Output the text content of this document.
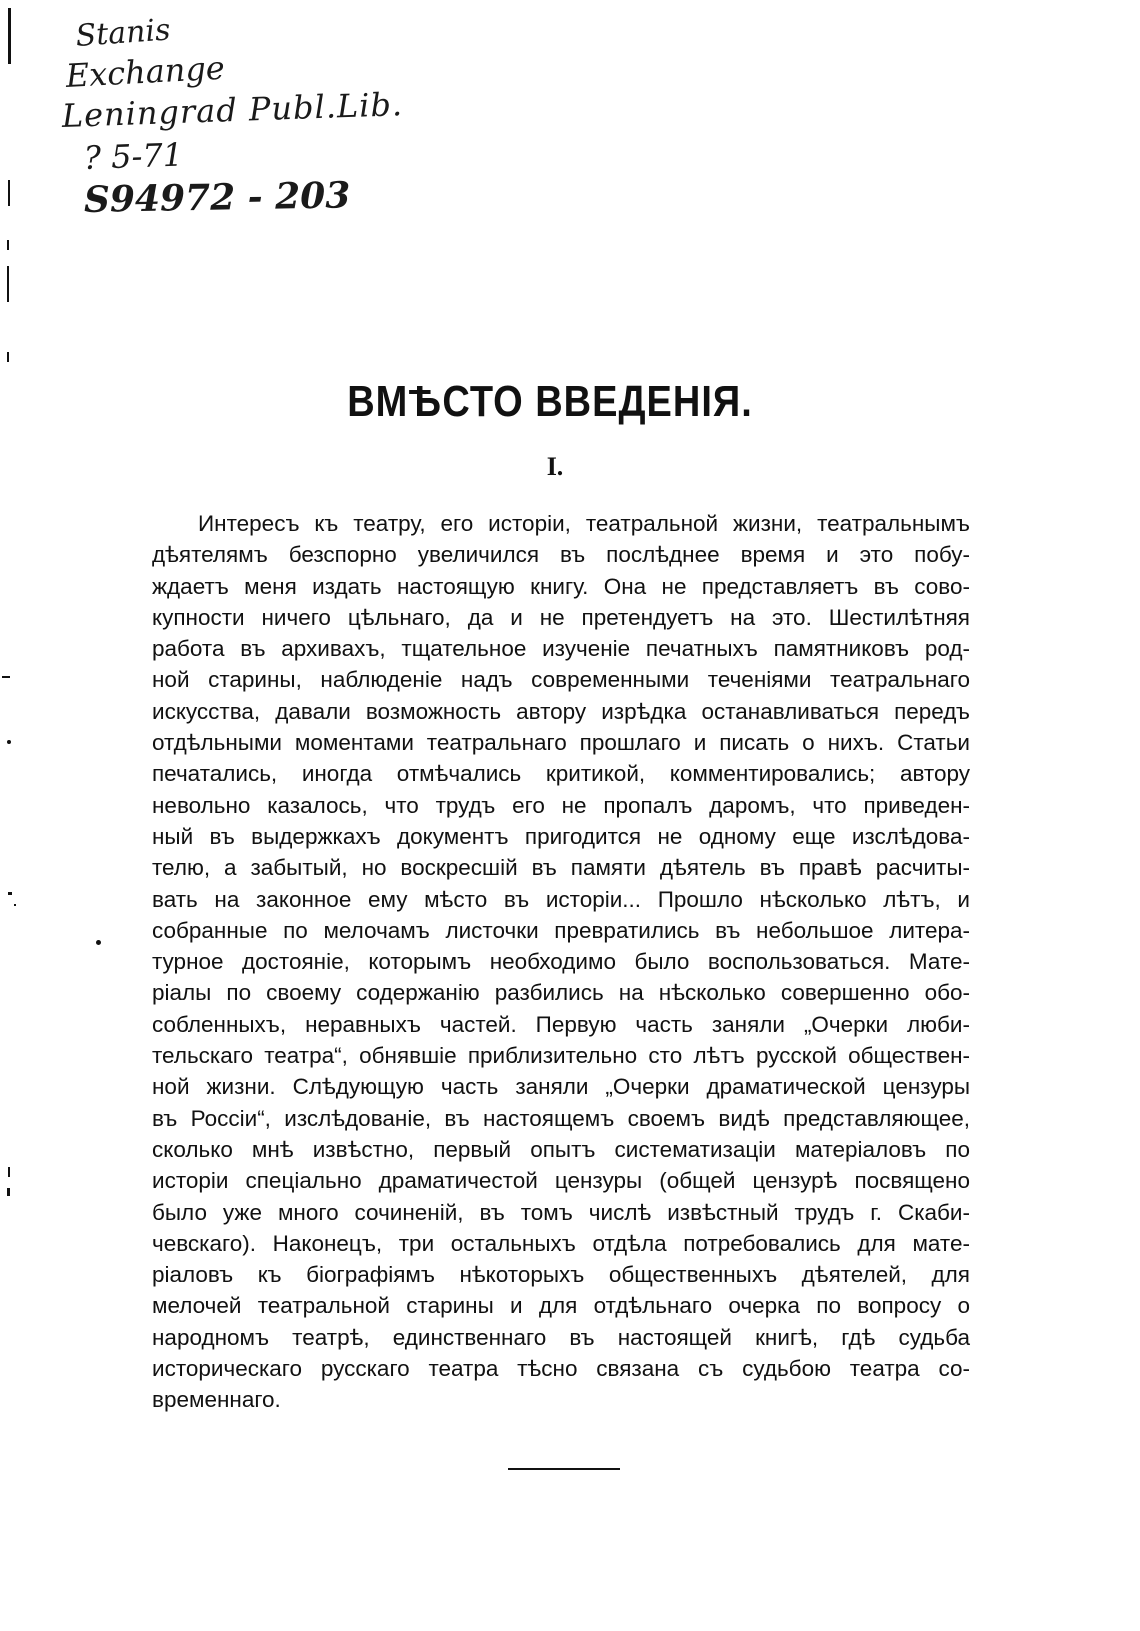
Stanis
Exchange
Leningrad Publ.Lib.
? 5-71
S94972 - 203
ВМѢСТО ВВЕДЕНІЯ.
I.
Интересъ къ театру, его исторіи, театральной жизни, театральнымъ
дѣятелямъ безспорно увеличился въ послѣднее время и это побу-
ждаетъ меня издать настоящую книгу. Она не представляетъ въ сово-
купности ничего цѣльнаго, да и не претендуетъ на это. Шестилѣтняя
работа въ архивахъ, тщательное изученіе печатныхъ памятниковъ род-
ной старины, наблюденіе надъ современными теченіями театральнаго
искусства, давали возможность автору изрѣдка останавливаться передъ
отдѣльными моментами театральнаго прошлаго и писать о нихъ. Статьи
печатались, иногда отмѣчались критикой, комментировались; автору
невольно казалось, что трудъ его не пропалъ даромъ, что приведен-
ный въ выдержкахъ документъ пригодится не одному еще изслѣдова-
телю, а забытый, но воскресшій въ памяти дѣятель въ правѣ расчиты-
вать на законное ему мѣсто въ исторіи... Прошло нѣсколько лѣтъ, и
собранные по мелочамъ листочки превратились въ небольшое литера-
турное достояніе, которымъ необходимо было воспользоваться. Мате-
ріалы по своему содержанію разбились на нѣсколько совершенно обо-
собленныхъ, неравныхъ частей. Первую часть заняли „Очерки люби-
тельскаго театра“, обнявшіе приблизительно сто лѣтъ русской обществен-
ной жизни. Слѣдующую часть заняли „Очерки драматической цензуры
въ Россіи“, изслѣдованіе, въ настоящемъ своемъ видѣ представляющее,
сколько мнѣ извѣстно, первый опытъ систематизаціи матеріаловъ по
исторіи спеціально драматичестой цензуры (общей цензурѣ посвящено
было уже много сочиненій, въ томъ числѣ извѣстный трудъ г. Скаби-
чевскаго). Наконецъ, три остальныхъ отдѣла потребовались для мате-
ріаловъ къ біографіямъ нѣкоторыхъ общественныхъ дѣятелей, для
мелочей театральной старины и для отдѣльнаго очерка по вопросу о
народномъ театрѣ, единственнаго въ настоящей книгѣ, гдѣ судьба
историческаго русскаго театра тѣсно связана съ судьбою театра со-
временнаго.
